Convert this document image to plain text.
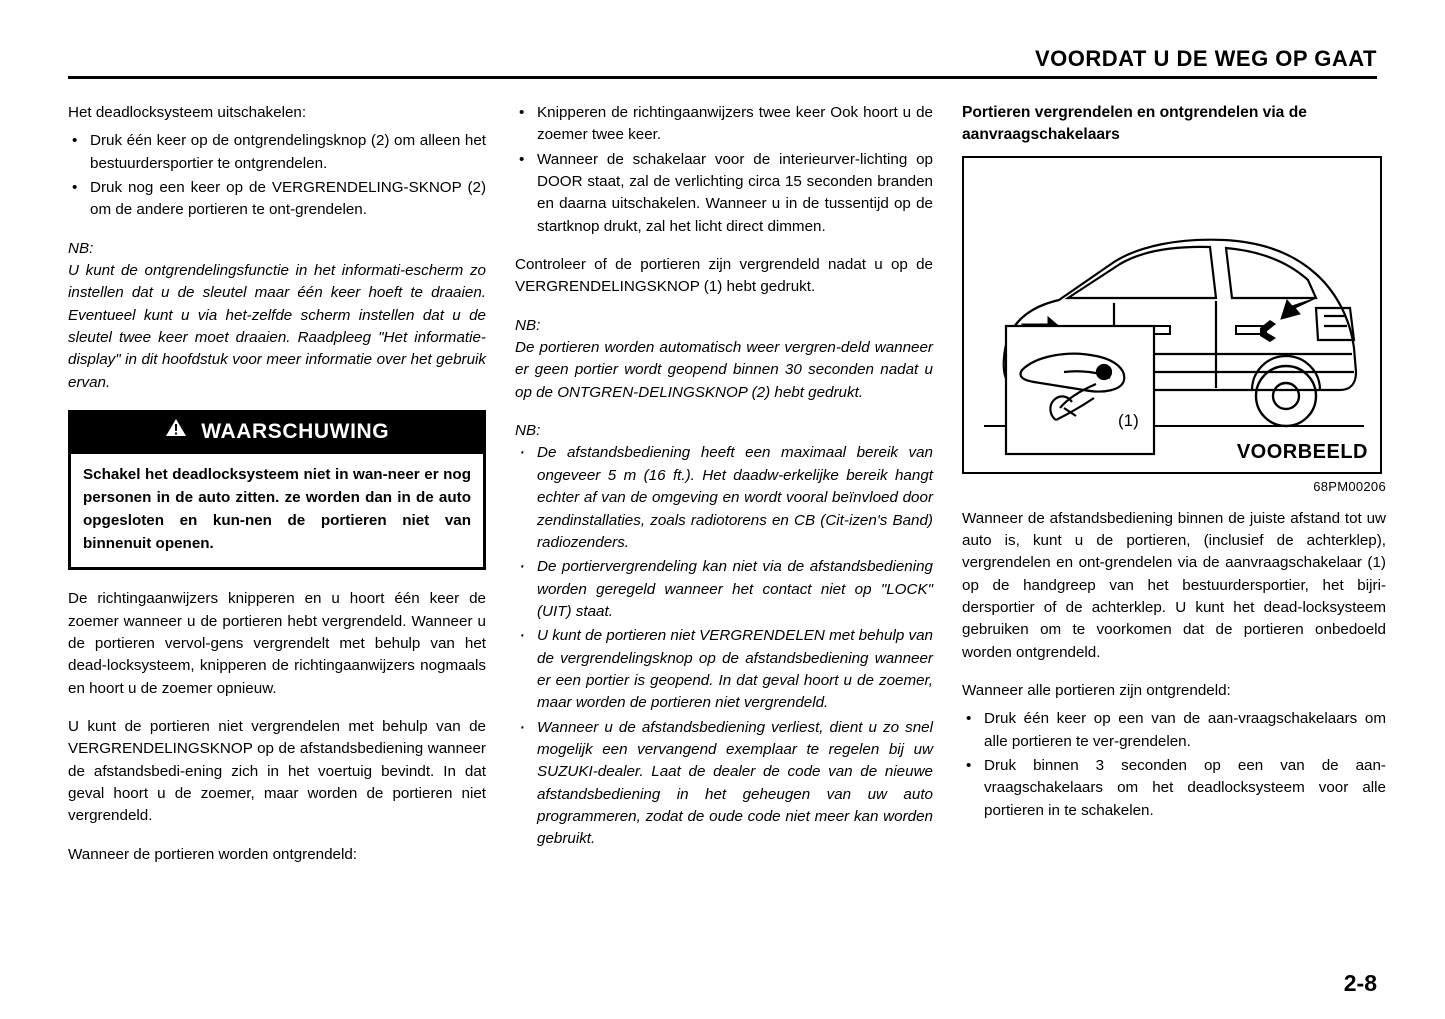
VOORDAT U DE WEG OP GAAT

Het deadlocksysteem uitschakelen:

• Druk één keer op de ontgrendelingsknop (2) om alleen het bestuurdersportier te ontgrendelen.
• Druk nog een keer op de VERGRENDELING-SKNOP (2) om de andere portieren te ont-grendelen.

NB:

U kunt de ontgrendelingsfunctie in het informati-escherm zo instellen dat u de sleutel maar één keer hoeft te draaien. Eventueel kunt u via het-zelfde scherm instellen dat u de sleutel twee keer moet draaien. Raadpleeg "Het informatie-display" in dit hoofdstuk voor meer informatie over het gebruik ervan.

WAARSCHUWING
Schakel het deadlocksysteem niet in wan-neer er nog personen in de auto zitten. ze worden dan in de auto opgesloten en kun-nen de portieren niet van binnenuit openen.

De richtingaanwijzers knipperen en u hoort één keer de zoemer wanneer u de portieren hebt vergrendeld. Wanneer u de portieren vervol-gens vergrendelt met behulp van het dead-locksysteem, knipperen de richtingaanwijzers nogmaals en hoort u de zoemer opnieuw.

U kunt de portieren niet vergrendelen met behulp van de VERGRENDELINGSKNOP op de afstandsbediening wanneer de afstandsbedi-ening zich in het voertuig bevindt. In dat geval hoort u de zoemer, maar worden de portieren niet vergrendeld.

Wanneer de portieren worden ontgrendeld:

• Knipperen de richtingaanwijzers twee keer Ook hoort u de zoemer twee keer.
• Wanneer de schakelaar voor de interieurver-lichting op DOOR staat, zal de verlichting circa 15 seconden branden en daarna uitschakelen. Wanneer u in de tussentijd op de startknop drukt, zal het licht direct dimmen.

Controleer of de portieren zijn vergrendeld nadat u op de VERGRENDELINGSKNOP (1) hebt gedrukt.

NB:

De portieren worden automatisch weer vergren-deld wanneer er geen portier wordt geopend binnen 30 seconden nadat u op de ONTGREN-DELINGSKNOP (2) hebt gedrukt.

NB:

· De afstandsbediening heeft een maximaal bereik van ongeveer 5 m (16 ft.). Het daadw-erkelijke bereik hangt echter af van de omgeving en wordt vooral beïnvloed door zendinstallaties, zoals radiotorens en CB (Cit-izen's Band) radiozenders.
· De portiervergrendeling kan niet via de afstandsbediening worden geregeld wanneer het contact niet op "LOCK" (UIT) staat.
· U kunt de portieren niet VERGRENDELEN met behulp van de vergrendelingsknop op de afstandsbediening wanneer er een portier is geopend. In dat geval hoort u de zoemer, maar worden de portieren niet vergrendeld.
· Wanneer u de afstandsbediening verliest, dient u zo snel mogelijk een vervangend exemplaar te regelen bij uw SUZUKI-dealer. Laat de dealer de code van de nieuwe afstandsbediening in het geheugen van uw auto programmeren, zodat de oude code niet meer kan worden gebruikt.

Portieren vergrendelen en ontgrendelen via de aanvraagschakelaars

(1)
VOORBEELD
68PM00206

Wanneer de afstandsbediening binnen de juiste afstand tot uw auto is, kunt u de portieren, (inclusief de achterklep), vergrendelen en ont-grendelen via de aanvraagschakelaar (1) op de handgreep van het bestuurdersportier, het bijri-dersportier of de achterklep. U kunt het dead-locksysteem gebruiken om te voorkomen dat de portieren onbedoeld worden ontgrendeld.

Wanneer alle portieren zijn ontgrendeld:

• Druk één keer op een van de aan-vraagschakelaars om alle portieren te ver-grendelen.
• Druk binnen 3 seconden op een van de aan-vraagschakelaars om het deadlocksysteem voor alle portieren in te schakelen.
2-8
